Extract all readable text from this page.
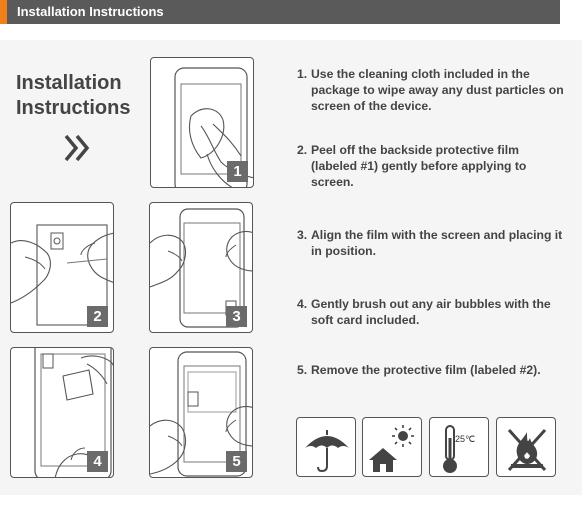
Installation Instructions
Installation
Instructions
1
2	3
4	5
1. Use the cleaning cloth included in the package to wipe away any dust particles on screen of the device.
2. Peel off the backside protective film (labeled #1) gently before applying to screen.
3. Align the film with the screen and placing it in position.
4. Gently brush out any air bubbles with the soft card included.
5. Remove the protective film (labeled #2).
25℃
